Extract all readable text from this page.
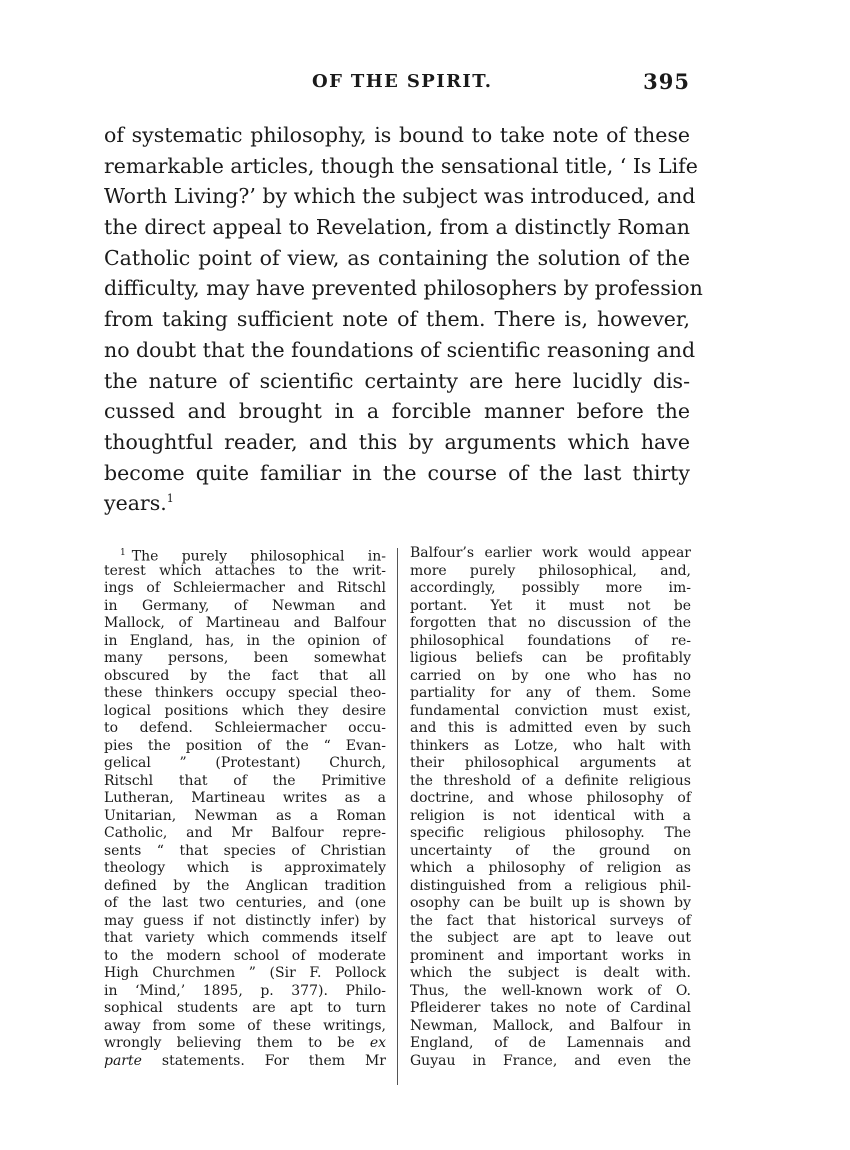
OF THE SPIRIT.	395
of systematic philosophy, is bound to take note of these
remarkable articles, though the sensational title, ‘ Is Life
Worth Living?’ by which the subject was introduced, and
the direct appeal to Revelation, from a distinctly Roman
Catholic point of view, as containing the solution of the
difficulty, may have prevented philosophers by profession
from taking sufficient note of them. There is, however,
no doubt that the foundations of scientific reasoning and
the nature of scientific certainty are here lucidly dis-
cussed and brought in a forcible manner before the
thoughtful reader, and this by arguments which have
become quite familiar in the course of the last thirty
years.$^1$
$^1$ The purely philosophical in-
terest which attaches to the writ-
ings of Schleiermacher and Ritschl
in Germany, of Newman and
Mallock, of Martineau and Balfour
in England, has, in the opinion of
many persons, been somewhat
obscured by the fact that all
these thinkers occupy special theo-
logical positions which they desire
to defend. Schleiermacher occu-
pies the position of the “ Evan-
gelical ” (Protestant) Church,
Ritschl that of the Primitive
Lutheran, Martineau writes as a
Unitarian, Newman as a Roman
Catholic, and Mr Balfour repre-
sents “ that species of Christian
theology which is approximately
defined by the Anglican tradition
of the last two centuries, and (one
may guess if not distinctly infer) by
that variety which commends itself
to the modern school of moderate
High Churchmen ” (Sir F. Pollock
in ‘Mind,’ 1895, p. 377). Philo-
sophical students are apt to turn
away from some of these writings,
wrongly believing them to be ex
parte statements. For them Mr
Balfour’s earlier work would appear
more purely philosophical, and,
accordingly, possibly more im-
portant. Yet it must not be
forgotten that no discussion of the
philosophical foundations of re-
ligious beliefs can be profitably
carried on by one who has no
partiality for any of them. Some
fundamental conviction must exist,
and this is admitted even by such
thinkers as Lotze, who halt with
their philosophical arguments at
the threshold of a definite religious
doctrine, and whose philosophy of
religion is not identical with a
specific religious philosophy. The
uncertainty of the ground on
which a philosophy of religion as
distinguished from a religious phil-
osophy can be built up is shown by
the fact that historical surveys of
the subject are apt to leave out
prominent and important works in
which the subject is dealt with.
Thus, the well-known work of O.
Pfleiderer takes no note of Cardinal
Newman, Mallock, and Balfour in
England, of de Lamennais and
Guyau in France, and even the
